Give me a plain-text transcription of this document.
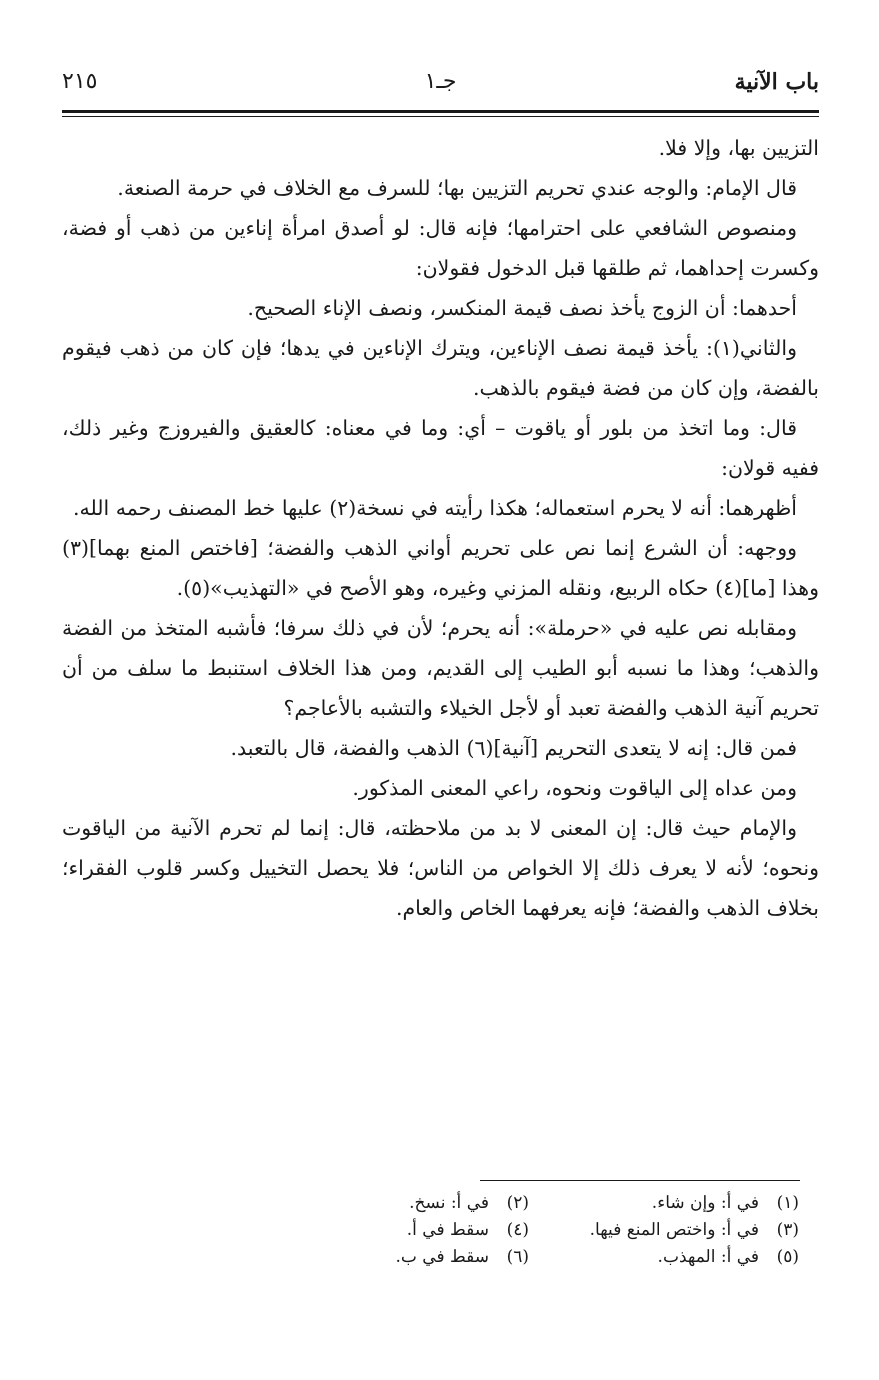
باب الآنية
جـ١
٢١٥

التزيين بها، وإلا فلا.

قال الإمام: والوجه عندي تحريم التزيين بها؛ للسرف مع الخلاف في حرمة الصنعة.

ومنصوص الشافعي على احترامها؛ فإنه قال: لو أصدق امرأة إناءين من ذهب أو فضة، وكسرت إحداهما، ثم طلقها قبل الدخول فقولان:

أحدهما: أن الزوج يأخذ نصف قيمة المنكسر، ونصف الإناء الصحيح.

والثاني(١): يأخذ قيمة نصف الإناءين، ويترك الإناءين في يدها؛ فإن كان من ذهب فيقوم بالفضة، وإن كان من فضة فيقوم بالذهب.

قال: وما اتخذ من بلور أو ياقوت – أي: وما في معناه: كالعقيق والفيروزج وغير ذلك، ففيه قولان:

أظهرهما: أنه لا يحرم استعماله؛ هكذا رأيته في نسخة(٢) عليها خط المصنف رحمه الله.

ووجهه: أن الشرع إنما نص على تحريم أواني الذهب والفضة؛ [فاختص المنع بهما](٣) وهذا [ما](٤) حكاه الربيع، ونقله المزني وغيره، وهو الأصح في «التهذيب»(٥).

ومقابله نص عليه في «حرملة»: أنه يحرم؛ لأن في ذلك سرفا؛ فأشبه المتخذ من الفضة والذهب؛ وهذا ما نسبه أبو الطيب إلى القديم، ومن هذا الخلاف استنبط ما سلف من أن تحريم آنية الذهب والفضة تعبد أو لأجل الخيلاء والتشبه بالأعاجم؟

فمن قال: إنه لا يتعدى التحريم [آنية](٦) الذهب والفضة، قال بالتعبد.

ومن عداه إلى الياقوت ونحوه، راعي المعنى المذكور.

والإمام حيث قال: إن المعنى لا بد من ملاحظته، قال: إنما لم تحرم الآنية من الياقوت ونحوه؛ لأنه لا يعرف ذلك إلا الخواص من الناس؛ فلا يحصل التخييل وكسر قلوب الفقراء؛ بخلاف الذهب والفضة؛ فإنه يعرفهما الخاص والعام.

(١)في أ: وإن شاء.
(٢)في أ: نسخ.
(٣)في أ: واختص المنع فيها.
(٤)سقط في أ.
(٥)في أ: المهذب.
(٦)سقط في ب.
